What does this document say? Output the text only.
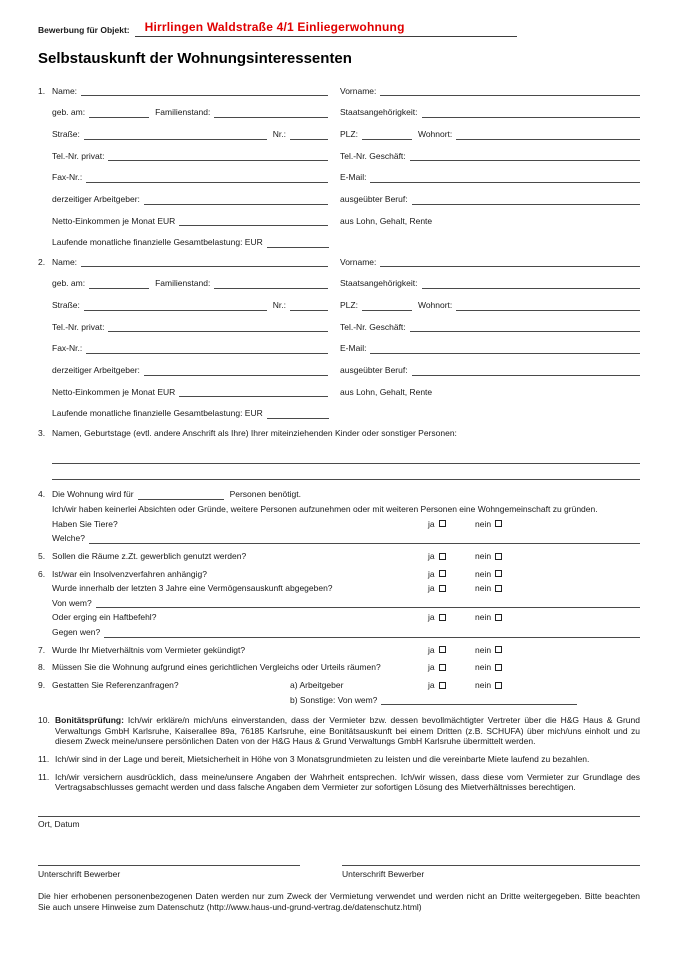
Bewerbung für Objekt:	Hirrlingen Waldstraße 4/1 Einliegerwohnung
Selbstauskunft der Wohnungsinteressenten
1. Name:	Vorname:
geb. am:	Familienstand:	Staatsangehörigkeit:
Straße:	Nr.:	PLZ:	Wohnort:
Tel.-Nr. privat:	Tel.-Nr. Geschäft:
Fax-Nr.:	E-Mail:
derzeitiger Arbeitgeber:	ausgeübter Beruf:
Netto-Einkommen je Monat EUR	aus Lohn, Gehalt, Rente
Laufende monatliche finanzielle Gesamtbelastung: EUR
2. Name:	Vorname:
geb. am:	Familienstand:	Staatsangehörigkeit:
Straße:	Nr.:	PLZ:	Wohnort:
Tel.-Nr. privat:	Tel.-Nr. Geschäft:
Fax-Nr.:	E-Mail:
derzeitiger Arbeitgeber:	ausgeübter Beruf:
Netto-Einkommen je Monat EUR	aus Lohn, Gehalt, Rente
Laufende monatliche finanzielle Gesamtbelastung: EUR
3. Namen, Geburtstage (evtl. andere Anschrift als Ihre) Ihrer miteinziehenden Kinder oder sonstiger Personen:
4. Die Wohnung wird für	Personen benötigt.
Ich/wir haben keinerlei Absichten oder Gründe, weitere Personen aufzunehmen oder mit weiteren Personen eine Wohngemeinschaft zu gründen.
Haben Sie Tiere?	ja	nein
Welche?
5. Sollen die Räume z.Zt. gewerblich genutzt werden?	ja	nein
6. Ist/war ein Insolvenzverfahren anhängig?	ja	nein
Wurde innerhalb der letzten 3 Jahre eine Vermögensauskunft abgegeben?	ja	nein
Von wem?
Oder erging ein Haftbefehl?	ja	nein
Gegen wen?
7. Wurde Ihr Mietverhältnis vom Vermieter gekündigt?	ja	nein
8. Müssen Sie die Wohnung aufgrund eines gerichtlichen Vergleichs oder Urteils räumen?	ja	nein
9. Gestatten Sie Referenzanfragen?	a) Arbeitgeber	ja	nein
b) Sonstige: Von wem?
10. Bonitätsprüfung: Ich/wir erkläre/n mich/uns einverstanden, dass der Vermieter bzw. dessen bevollmächtigter Vertreter über die H&G Haus & Grund Verwaltungs GmbH Karlsruhe, Kaiserallee 89a, 76185 Karlsruhe, eine Bonitätsauskunft bei einem Dritten (z.B. SCHUFA) über mich/uns einholt und zu diesem Zweck meine/unsere persönlichen Daten von der H&G Haus & Grund Verwaltungs GmbH Karlsruhe übermittelt werden.
11. Ich/wir sind in der Lage und bereit, Mietsicherheit in Höhe von 3 Monatsgrundmieten zu leisten und die vereinbarte Miete laufend zu bezahlen.
11. Ich/wir versichern ausdrücklich, dass meine/unsere Angaben der Wahrheit entsprechen. Ich/wir wissen, dass diese vom Vermieter zur Grundlage des Vertragsabschlusses gemacht werden und dass falsche Angaben dem Vermieter zur sofortigen Lösung des Mietverhältnisses berechtigen.
Ort, Datum
Unterschrift Bewerber	Unterschrift Bewerber
Die hier erhobenen personenbezogenen Daten werden nur zum Zweck der Vermietung verwendet und werden nicht an Dritte weitergegeben. Bitte beachten Sie auch unsere Hinweise zum Datenschutz (http://www.haus-und-grund-vertrag.de/datenschutz.html)
